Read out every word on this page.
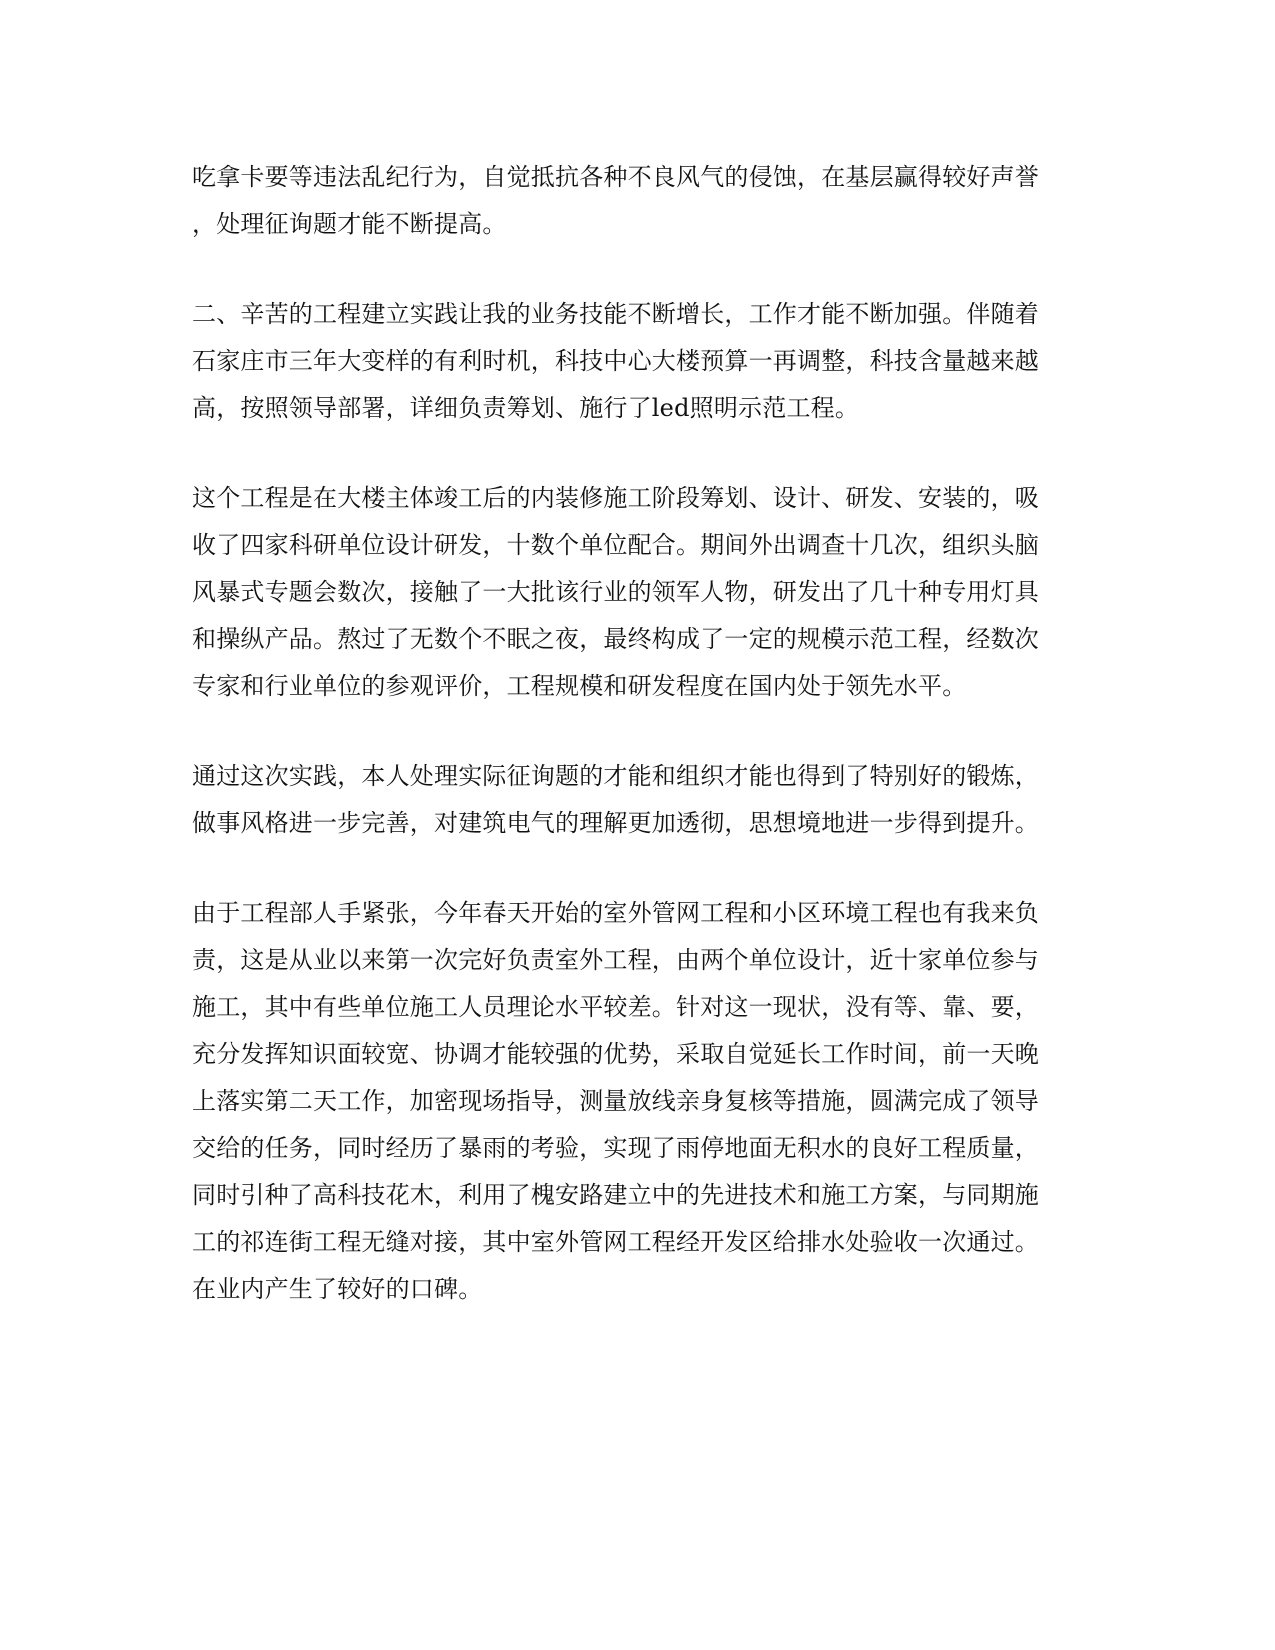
吃拿卡要等违法乱纪行为，自觉抵抗各种不良风气的侵蚀，在基层赢得较好声誉
，处理征询题才能不断提高。

二、辛苦的工程建立实践让我的业务技能不断增长，工作才能不断加强。伴随着
石家庄市三年大变样的有利时机，科技中心大楼预算一再调整，科技含量越来越
高，按照领导部署，详细负责筹划、施行了led照明示范工程。

这个工程是在大楼主体竣工后的内装修施工阶段筹划、设计、研发、安装的，吸
收了四家科研单位设计研发，十数个单位配合。期间外出调查十几次，组织头脑
风暴式专题会数次，接触了一大批该行业的领军人物，研发出了几十种专用灯具
和操纵产品。熬过了无数个不眠之夜，最终构成了一定的规模示范工程，经数次
专家和行业单位的参观评价，工程规模和研发程度在国内处于领先水平。

通过这次实践，本人处理实际征询题的才能和组织才能也得到了特别好的锻炼，
做事风格进一步完善，对建筑电气的理解更加透彻，思想境地进一步得到提升。

由于工程部人手紧张，今年春天开始的室外管网工程和小区环境工程也有我来负
责，这是从业以来第一次完好负责室外工程，由两个单位设计，近十家单位参与
施工，其中有些单位施工人员理论水平较差。针对这一现状，没有等、靠、要，
充分发挥知识面较宽、协调才能较强的优势，采取自觉延长工作时间，前一天晚
上落实第二天工作，加密现场指导，测量放线亲身复核等措施，圆满完成了领导
交给的任务，同时经历了暴雨的考验，实现了雨停地面无积水的良好工程质量，
同时引种了高科技花木，利用了槐安路建立中的先进技术和施工方案，与同期施
工的祁连街工程无缝对接，其中室外管网工程经开发区给排水处验收一次通过。
在业内产生了较好的口碑。
